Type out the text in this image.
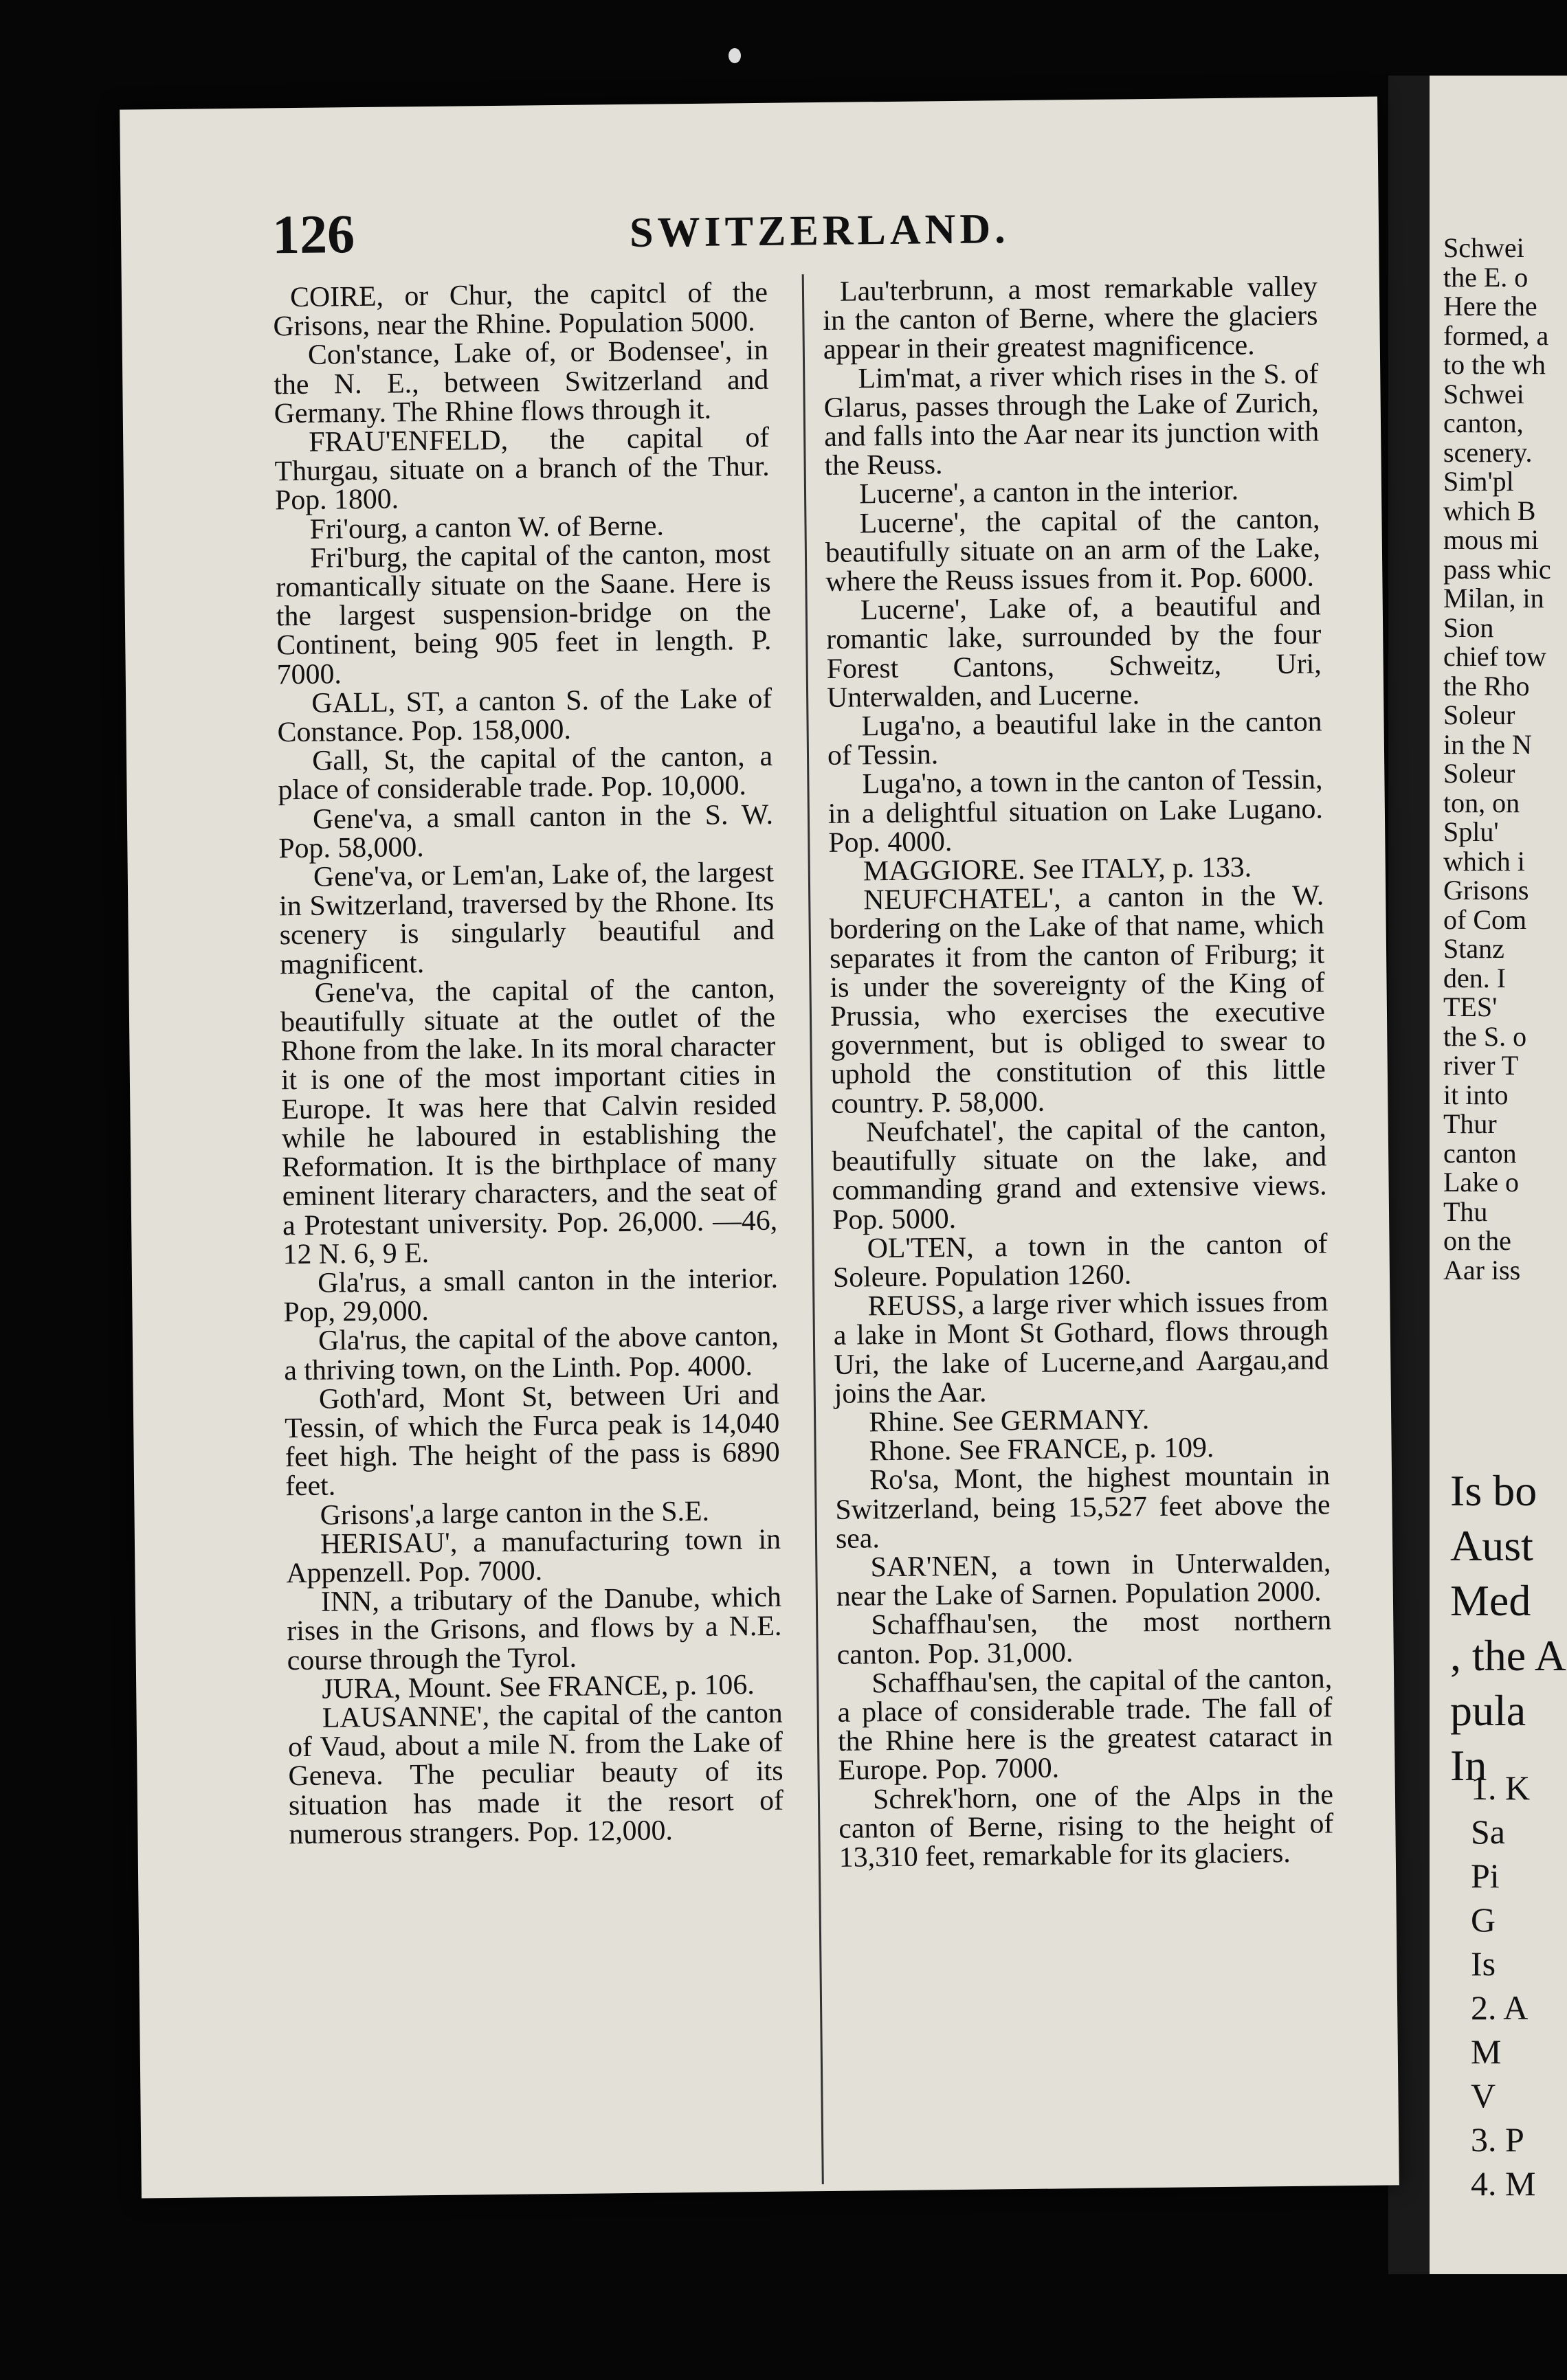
Schwei
the E. o
Here the
formed, a
to the wh
Schwei
canton,
scenery.
Sim'pl
which B
mous mi
pass whic
Milan, in
Sion
chief tow
the Rho
Soleur
in the N
Soleur
ton, on
Splu'
which i
Grisons
of Com
Stanz
den. I
TES'
the S. o
river T
it into
Thur
canton
Lake o
Thu
on the
Aar iss
Is bo
Aust
Med
, the A
pula
In
1. K
Sa
Pi
G
Is
2. A
M
V
3. P
4. M
126	SWITZERLAND.

COIRE, or Chur, the capitcl of the Grisons, near the Rhine. Population 5000.

Con'stance, Lake of, or Bodensee', in the N. E., between Switzerland and Germany. The Rhine flows through it.

FRAU'ENFELD, the capital of Thurgau, situate on a branch of the Thur. Pop. 1800.

Fri'ourg, a canton W. of Berne.

Fri'burg, the capital of the canton, most romantically situate on the Saane. Here is the largest suspension-bridge on the Continent, being 905 feet in length. P. 7000.

GALL, ST, a canton S. of the Lake of Constance. Pop. 158,000.

Gall, St, the capital of the canton, a place of considerable trade. Pop. 10,000.

Gene'va, a small canton in the S. W. Pop. 58,000.

Gene'va, or Lem'an, Lake of, the largest in Switzerland, traversed by the Rhone. Its scenery is singularly beautiful and magnificent.

Gene'va, the capital of the canton, beautifully situate at the outlet of the Rhone from the lake. In its moral character it is one of the most important cities in Europe. It was here that Calvin resided while he laboured in establishing the Reformation. It is the birthplace of many eminent literary characters, and the seat of a Protestant university. Pop. 26,000. —46, 12 N. 6, 9 E.

Gla'rus, a small canton in the interior. Pop, 29,000.

Gla'rus, the capital of the above canton, a thriving town, on the Linth. Pop. 4000.

Goth'ard, Mont St, between Uri and Tessin, of which the Furca peak is 14,040 feet high. The height of the pass is 6890 feet.

Grisons',a large canton in the S.E.

HERISAU', a manufacturing town in Appenzell. Pop. 7000.

INN, a tributary of the Danube, which rises in the Grisons, and flows by a N.E. course through the Tyrol.

JURA, Mount. See FRANCE, p. 106.

LAUSANNE', the capital of the canton of Vaud, about a mile N. from the Lake of Geneva. The peculiar beauty of its situation has made it the resort of numerous strangers. Pop. 12,000.

Lau'terbrunn, a most remarkable valley in the canton of Berne, where the glaciers appear in their greatest magnificence.

Lim'mat, a river which rises in the S. of Glarus, passes through the Lake of Zurich, and falls into the Aar near its junction with the Reuss.

Lucerne', a canton in the interior.

Lucerne', the capital of the canton, beautifully situate on an arm of the Lake, where the Reuss issues from it. Pop. 6000.

Lucerne', Lake of, a beautiful and romantic lake, surrounded by the four Forest Cantons, Schweitz, Uri, Unterwalden, and Lucerne.

Luga'no, a beautiful lake in the canton of Tessin.

Luga'no, a town in the canton of Tessin, in a delightful situation on Lake Lugano. Pop. 4000.

MAGGIORE. See ITALY, p. 133.

NEUFCHATEL', a canton in the W. bordering on the Lake of that name, which separates it from the canton of Friburg; it is under the sovereignty of the King of Prussia, who exercises the executive government, but is obliged to swear to uphold the constitution of this little country. P. 58,000.

Neufchatel', the capital of the canton, beautifully situate on the lake, and commanding grand and extensive views. Pop. 5000.

OL'TEN, a town in the canton of Soleure. Population 1260.

REUSS, a large river which issues from a lake in Mont St Gothard, flows through Uri, the lake of Lucerne,and Aargau,and joins the Aar.

Rhine. See GERMANY.

Rhone. See FRANCE, p. 109.

Ro'sa, Mont, the highest mountain in Switzerland, being 15,527 feet above the sea.

SAR'NEN, a town in Unterwalden, near the Lake of Sarnen. Population 2000.

Schaffhau'sen, the most northern canton. Pop. 31,000.

Schaffhau'sen, the capital of the canton, a place of considerable trade. The fall of the Rhine here is the greatest cataract in Europe. Pop. 7000.

Schrek'horn, one of the Alps in the canton of Berne, rising to the height of 13,310 feet, remarkable for its glaciers.
